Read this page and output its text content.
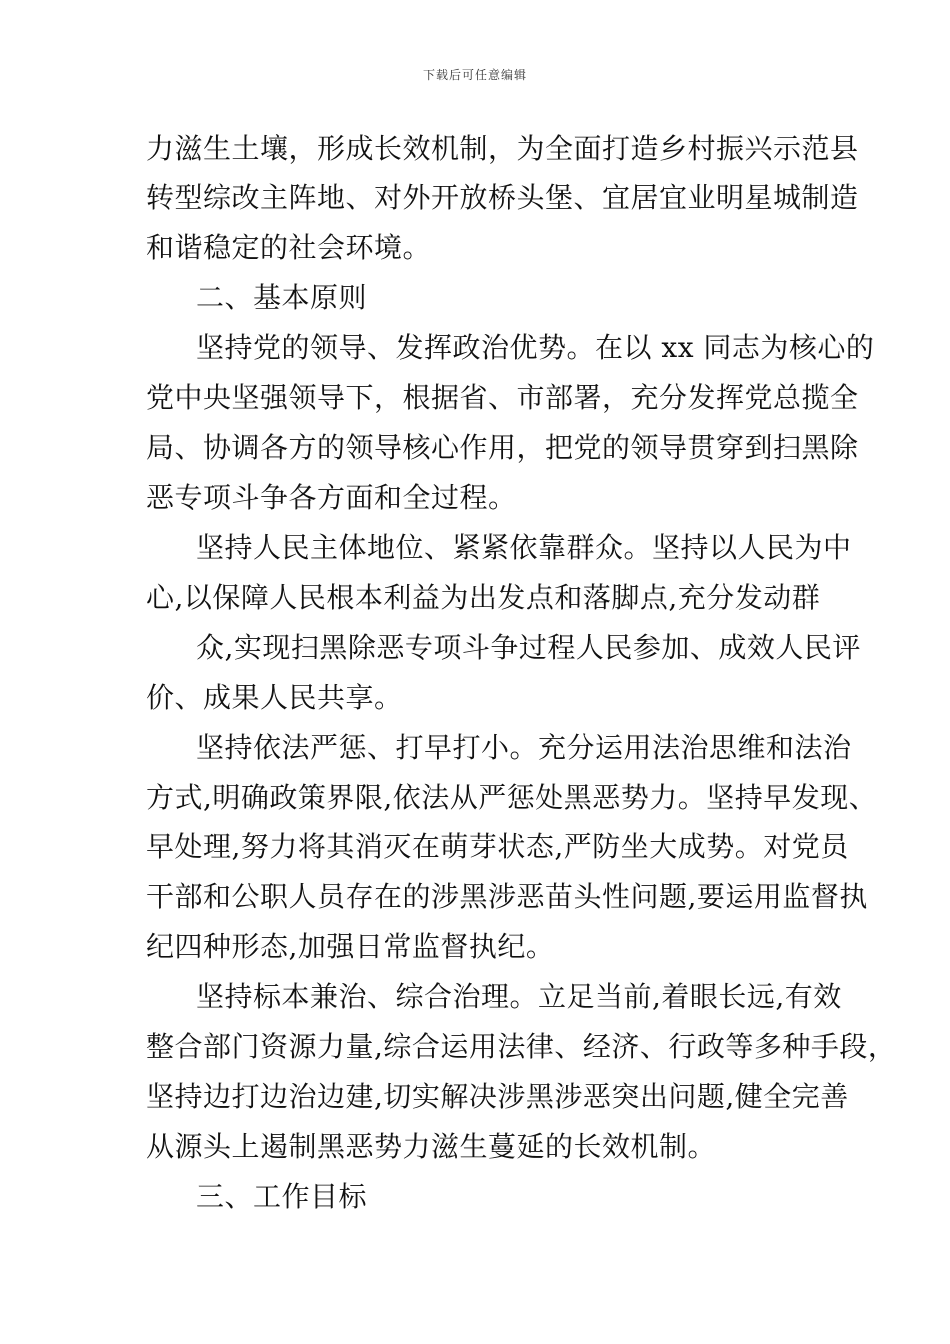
下载后可任意编辑
力滋生土壤，形成长效机制，为全面打造乡村振兴示范县
转型综改主阵地、对外开放桥头堡、宜居宜业明星城制造
和谐稳定的社会环境。
二、基本原则
坚持党的领导、发挥政治优势。在以 xx 同志为核心的
党中央坚强领导下，根据省、市部署，充分发挥党总揽全
局、协调各方的领导核心作用，把党的领导贯穿到扫黑除
恶专项斗争各方面和全过程。
坚持人民主体地位、紧紧依靠群众。坚持以人民为中
心,以保障人民根本利益为出发点和落脚点,充分发动群
众,实现扫黑除恶专项斗争过程人民参加、成效人民评
价、成果人民共享。
坚持依法严惩、打早打小。充分运用法治思维和法治
方式,明确政策界限,依法从严惩处黑恶势力。坚持早发现、
早处理,努力将其消灭在萌芽状态,严防坐大成势。对党员
干部和公职人员存在的涉黑涉恶苗头性问题,要运用监督执
纪四种形态,加强日常监督执纪。
坚持标本兼治、综合治理。立足当前,着眼长远,有效
整合部门资源力量,综合运用法律、经济、行政等多种手段，
坚持边打边治边建,切实解决涉黑涉恶突出问题,健全完善
从源头上遏制黑恶势力滋生蔓延的长效机制。
三、工作目标
